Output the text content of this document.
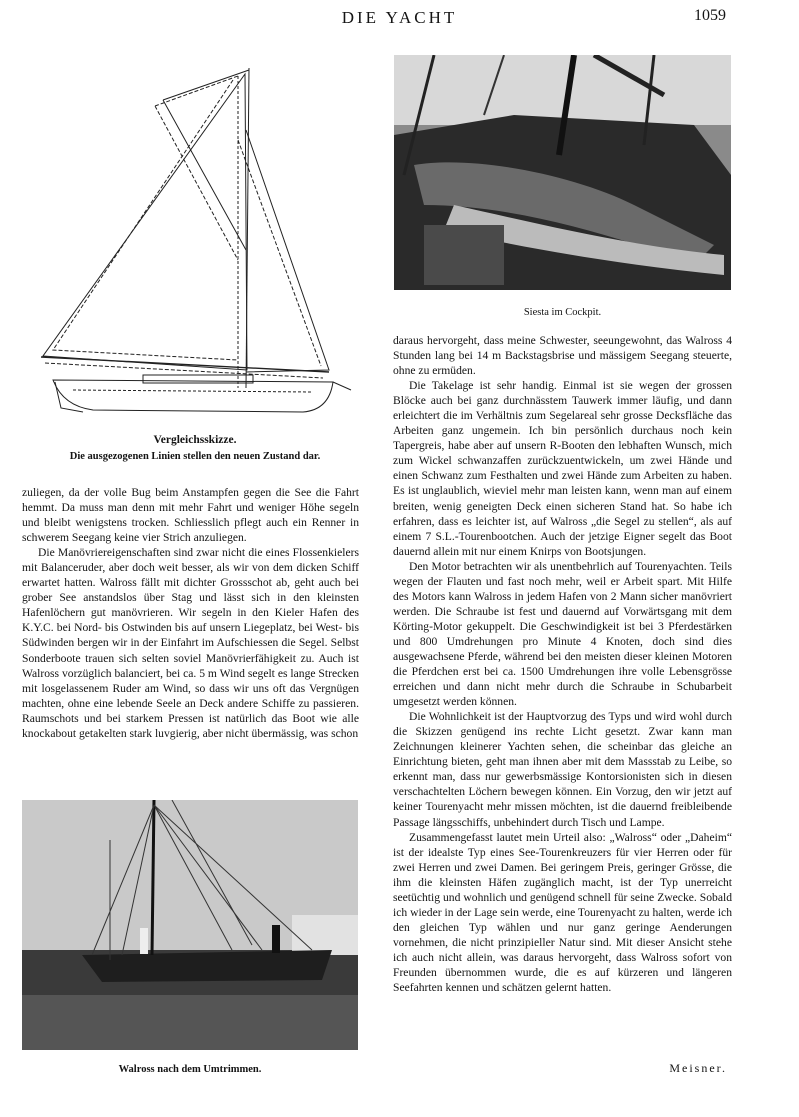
DIE YACHT	1059
Vergleichsskizze.
Die ausgezogenen Linien stellen den neuen Zustand dar.
Siesta im Cockpit.

zuliegen, da der volle Bug beim Anstampfen gegen die See die Fahrt hemmt. Da muss man denn mit mehr Fahrt und weniger Höhe segeln und bleibt wenigstens trocken. Schliesslich pflegt auch ein Renner in schwerem Seegang keine vier Strich anzuliegen.

Die Manövriereigenschaften sind zwar nicht die eines Flossenkielers mit Balanceruder, aber doch weit besser, als wir von dem dicken Schiff erwartet hatten. Walross fällt mit dichter Grossschot ab, geht auch bei grober See anstandslos über Stag und lässt sich in den kleinsten Hafenlöchern gut manövrieren. Wir segeln in den Kieler Hafen des K.Y.C. bei Nord- bis Ostwinden bis auf unsern Liegeplatz, bei West- bis Südwinden bergen wir in der Einfahrt im Aufschiessen die Segel. Selbst Sonderboote trauen sich selten soviel Manövrierfähigkeit zu. Auch ist Walross vorzüglich balanciert, bei ca. 5 m Wind segelt es lange Strecken mit losgelassenem Ruder am Wind, so dass wir uns oft das Vergnügen machten, ohne eine lebende Seele an Deck andere Schiffe zu passieren. Raumschots und bei starkem Pressen ist natürlich das Boot wie alle knockabout getakelten stark luvgierig, aber nicht übermässig, was schon

Walross nach dem Umtrimmen.

daraus hervorgeht, dass meine Schwester, seeungewohnt, das Walross 4 Stunden lang bei 14 m Backstagsbrise und mässigem Seegang steuerte, ohne zu ermüden.

Die Takelage ist sehr handig. Einmal ist sie wegen der grossen Blöcke auch bei ganz durchnässtem Tauwerk immer läufig, und dann erleichtert die im Verhältnis zum Segelareal sehr grosse Decksfläche das Arbeiten ganz ungemein. Ich bin persönlich durchaus noch kein Tapergreis, habe aber auf unsern R-Booten den lebhaften Wunsch, mich zum Wickel schwanzaffen zurückzuentwickeln, um zwei Hände und einen Schwanz zum Festhalten und zwei Hände zum Arbeiten zu haben. Es ist unglaublich, wieviel mehr man leisten kann, wenn man auf einem breiten, wenig geneigten Deck einen sicheren Stand hat. So habe ich erfahren, dass es leichter ist, auf Walross „die Segel zu stellen“, als auf einem 7 S.L.-Tourenbootchen. Auch der jetzige Eigner segelt das Boot dauernd allein mit nur einem Knirps von Bootsjungen.

Den Motor betrachten wir als unentbehrlich auf Tourenyachten. Teils wegen der Flauten und fast noch mehr, weil er Arbeit spart. Mit Hilfe des Motors kann Walross in jedem Hafen von 2 Mann sicher manövriert werden. Die Schraube ist fest und dauernd auf Vorwärtsgang mit dem Körting-Motor gekuppelt. Die Geschwindigkeit ist bei 3 Pferdestärken und 800 Umdrehungen pro Minute 4 Knoten, doch sind dies ausgewachsene Pferde, während bei den meisten dieser kleinen Motoren die Pferdchen erst bei ca. 1500 Umdrehungen ihre volle Lebensgrösse erreichen und dann nicht mehr durch die Schraube in Schubarbeit umgesetzt werden können.

Die Wohnlichkeit ist der Hauptvorzug des Typs und wird wohl durch die Skizzen genügend ins rechte Licht gesetzt. Zwar kann man Zeichnungen kleinerer Yachten sehen, die scheinbar das gleiche an Einrichtung bieten, geht man ihnen aber mit dem Massstab zu Leibe, so erkennt man, dass nur gewerbsmässige Kontorsionisten sich in diesen verschachtelten Löchern bewegen können. Ein Vorzug, den wir jetzt auf keiner Tourenyacht mehr missen möchten, ist die dauernd freibleibende Passage längsschiffs, unbehindert durch Tisch und Lampe.

Zusammengefasst lautet mein Urteil also: „Walross“ oder „Daheim“ ist der idealste Typ eines See-Tourenkreuzers für vier Herren oder für zwei Herren und zwei Damen. Bei geringem Preis, geringer Grösse, die ihm die kleinsten Häfen zugänglich macht, ist der Typ unerreicht seetüchtig und wohnlich und genügend schnell für seine Zwecke. Sobald ich wieder in der Lage sein werde, eine Tourenyacht zu halten, werde ich den gleichen Typ wählen und nur ganz geringe Aenderungen vornehmen, die nicht prinzipieller Natur sind. Mit dieser Ansicht stehe ich auch nicht allein, was daraus hervorgeht, dass Walross sofort von Freunden übernommen wurde, die es auf kürzeren und längeren Seefahrten kennen und schätzen gelernt hatten.

Meisner.
